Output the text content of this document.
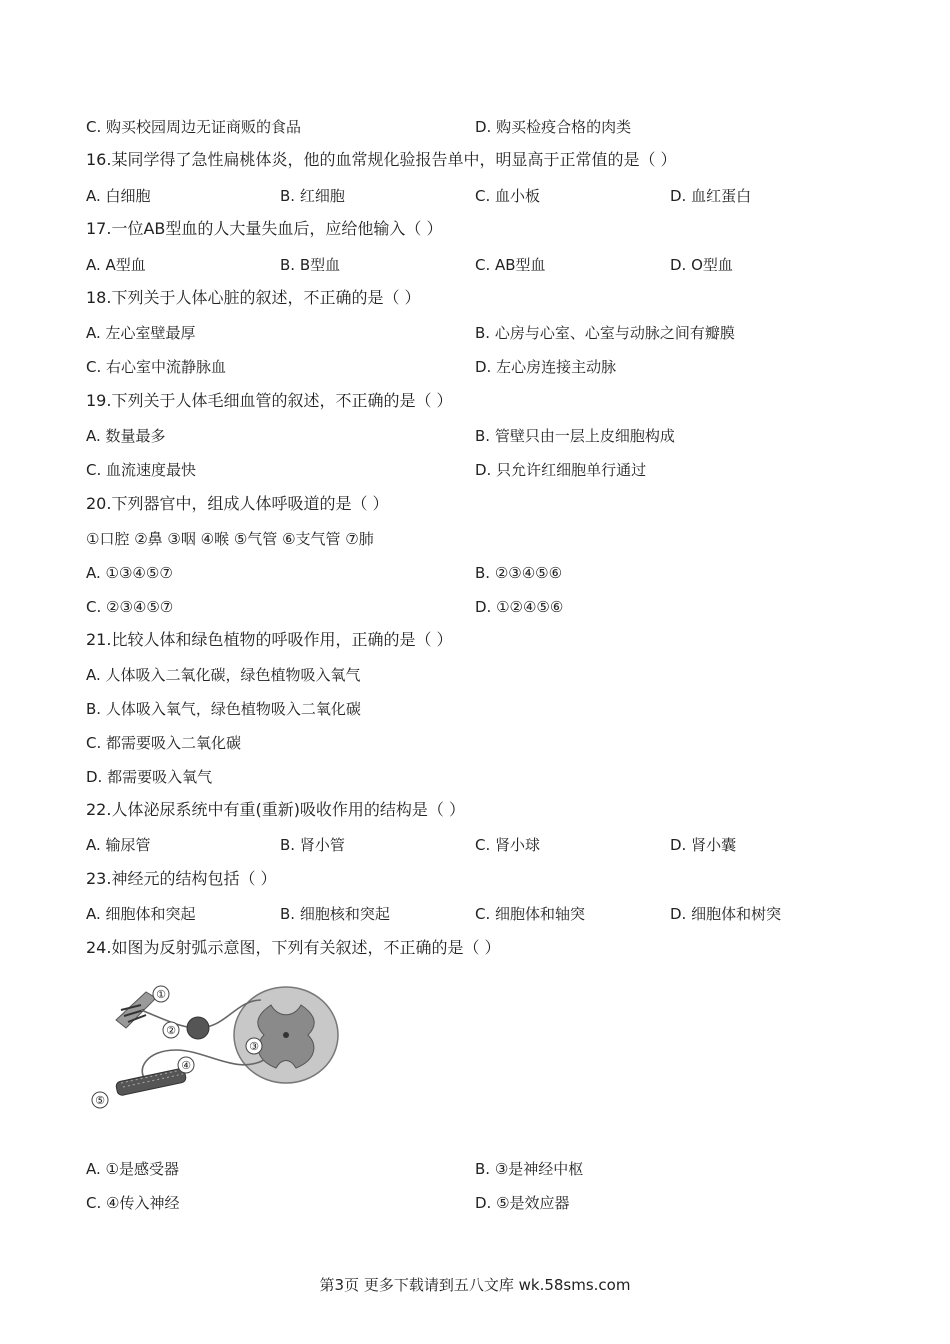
C. 购买校园周边无证商贩的食品	D. 购买检疫合格的肉类
16.某同学得了急性扁桃体炎，他的血常规化验报告单中，明显高于正常值的是（ ）
A. 白细胞	B. 红细胞	C. 血小板	D. 血红蛋白
17.一位AB型血的人大量失血后，应给他输入（ ）
A. A型血	B. B型血	C. AB型血	D. O型血
18.下列关于人体心脏的叙述，不正确的是（ ）
A. 左心室壁最厚	B. 心房与心室、心室与动脉之间有瓣膜
C. 右心室中流静脉血	D. 左心房连接主动脉
19.下列关于人体毛细血管的叙述，不正确的是（ ）
A. 数量最多	B. 管壁只由一层上皮细胞构成
C. 血流速度最快	D. 只允许红细胞单行通过
20.下列器官中，组成人体呼吸道的是（ ）
①口腔 ②鼻 ③咽 ④喉 ⑤气管 ⑥支气管 ⑦肺
A. ①③④⑤⑦	B. ②③④⑤⑥
C. ②③④⑤⑦	D. ①②④⑤⑥
21.比较人体和绿色植物的呼吸作用，正确的是（ ）
A. 人体吸入二氧化碳，绿色植物吸入氧气
B. 人体吸入氧气，绿色植物吸入二氧化碳
C. 都需要吸入二氧化碳
D. 都需要吸入氧气
22.人体泌尿系统中有重(重新)吸收作用的结构是（ ）
A. 输尿管	B. 肾小管	C. 肾小球	D. 肾小囊
23.神经元的结构包括（ ）
A. 细胞体和突起	B. 细胞核和突起	C. 细胞体和轴突	D. 细胞体和树突
24.如图为反射弧示意图，下列有关叙述，不正确的是（ ）
①
②
③
④
⑤
A. ①是感受器	B. ③是神经中枢
C. ④传入神经	D. ⑤是效应器
第3页 更多下载请到五八文库 wk.58sms.com
